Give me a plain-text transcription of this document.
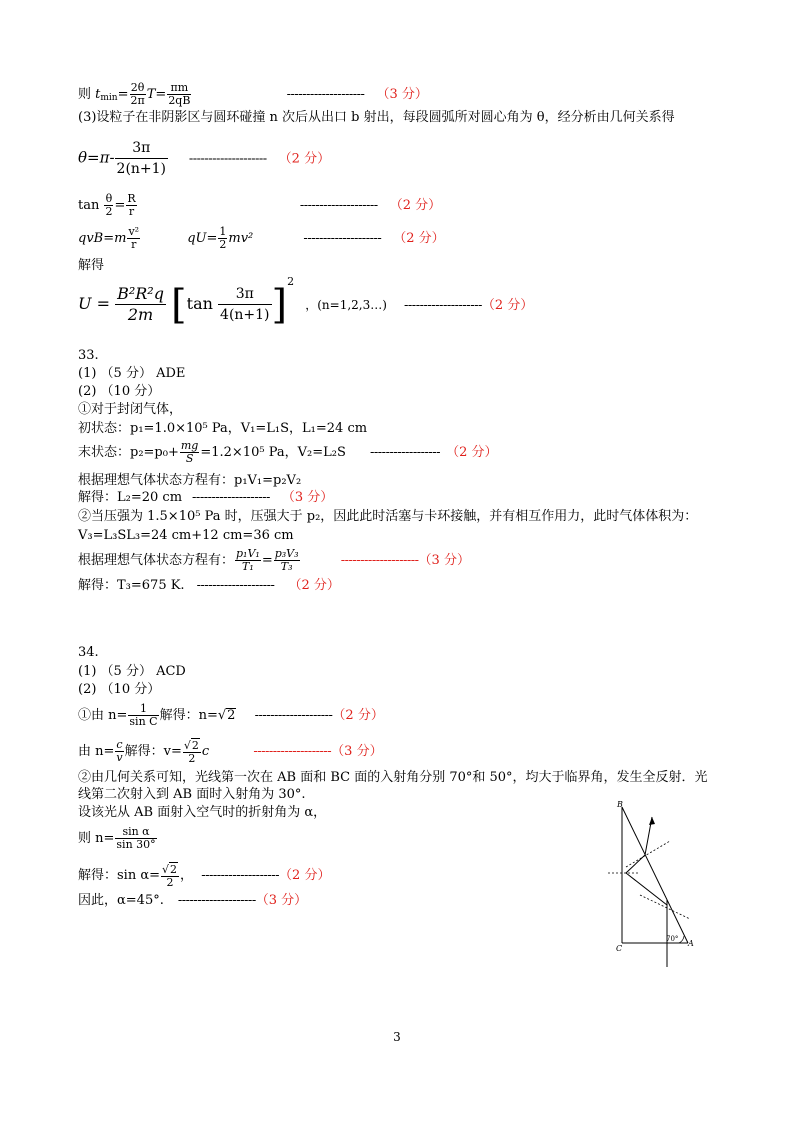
则 $t_{min}= \frac{2\theta}{2\pi} T= \frac{\pi m}{2qB}$	-------------------- （3 分）
(3)设粒子在非阴影区与圆环碰撞 n 次后从出口 b 射出，每段圆弧所对圆心角为 θ，经分析由几何关系得
$\theta=\pi- \frac{3\pi}{2(n+1)}$ -------------------- （2 分）
$\tan \frac{\theta}{2} = \frac{R}{r}$	-------------------- （2 分）
$qvB=m \frac{\text{v²}}{r}$	$qU= \frac{1}{2} mv^2$	-------------------- （2 分）
解得
$U = \frac{\text{B²R²q}}{2m} [\tan \frac{3\pi}{4(n+1)} ]^2$ ，(n=1,2,3…) --------------------（2 分）
33.
(1) （5 分） ADE
(2) （10 分）
①对于封闭气体，
初状态：p₁=1.0×10⁵ Pa，V₁=L₁S，L₁=24 cm
末状态：$p_2=p_0+ \frac{mg}{S} =1.2\times 10^5$ Pa，V₂=L₂S ------------------ （2 分）
根据理想气体状态方程有：p₁V₁=p₂V₂
解得：L₂=20 cm -------------------- （3 分）
②当压强为 1.5×10⁵ Pa 时，压强大于 p₂，因此此时活塞与卡环接触，并有相互作用力，此时气体体积为：
V₃=L₃SL₃=24 cm+12 cm=36 cm
根据理想气体状态方程有： $\frac{\text{p₁V₁}}{\text{T₁}} = \frac{\text{p₃V₃}}{\text{T₃}}$	--------------------（3 分）
解得：T₃=675 K. -------------------- （2 分）
34.
(1) （5 分） ACD
(2) （10 分）
①由 $n= \frac{1}{\text{sin C}}$ 解得：n=√2 --------------------（2 分）
由 $n= \frac{c}{v}$ 解得：$v= \frac{√2}{2}$ c	--------------------（3 分）
②由几何关系可知，光线第一次在 AB 面和 BC 面的入射角分别 70°和 50°，均大于临界角，发生全反射．光
线第二次射入到 AB 面时入射角为 30°.
设该光从 AB 面射入空气时的折射角为 α，
则 $n= \frac{\text{sin α}}{\sin 30^\circ}$
解得：$\sin \alpha= \frac{√2}{2}$ ， --------------------（2 分）
因此，α=45°. --------------------（3 分）
B
C
A
70°
3
